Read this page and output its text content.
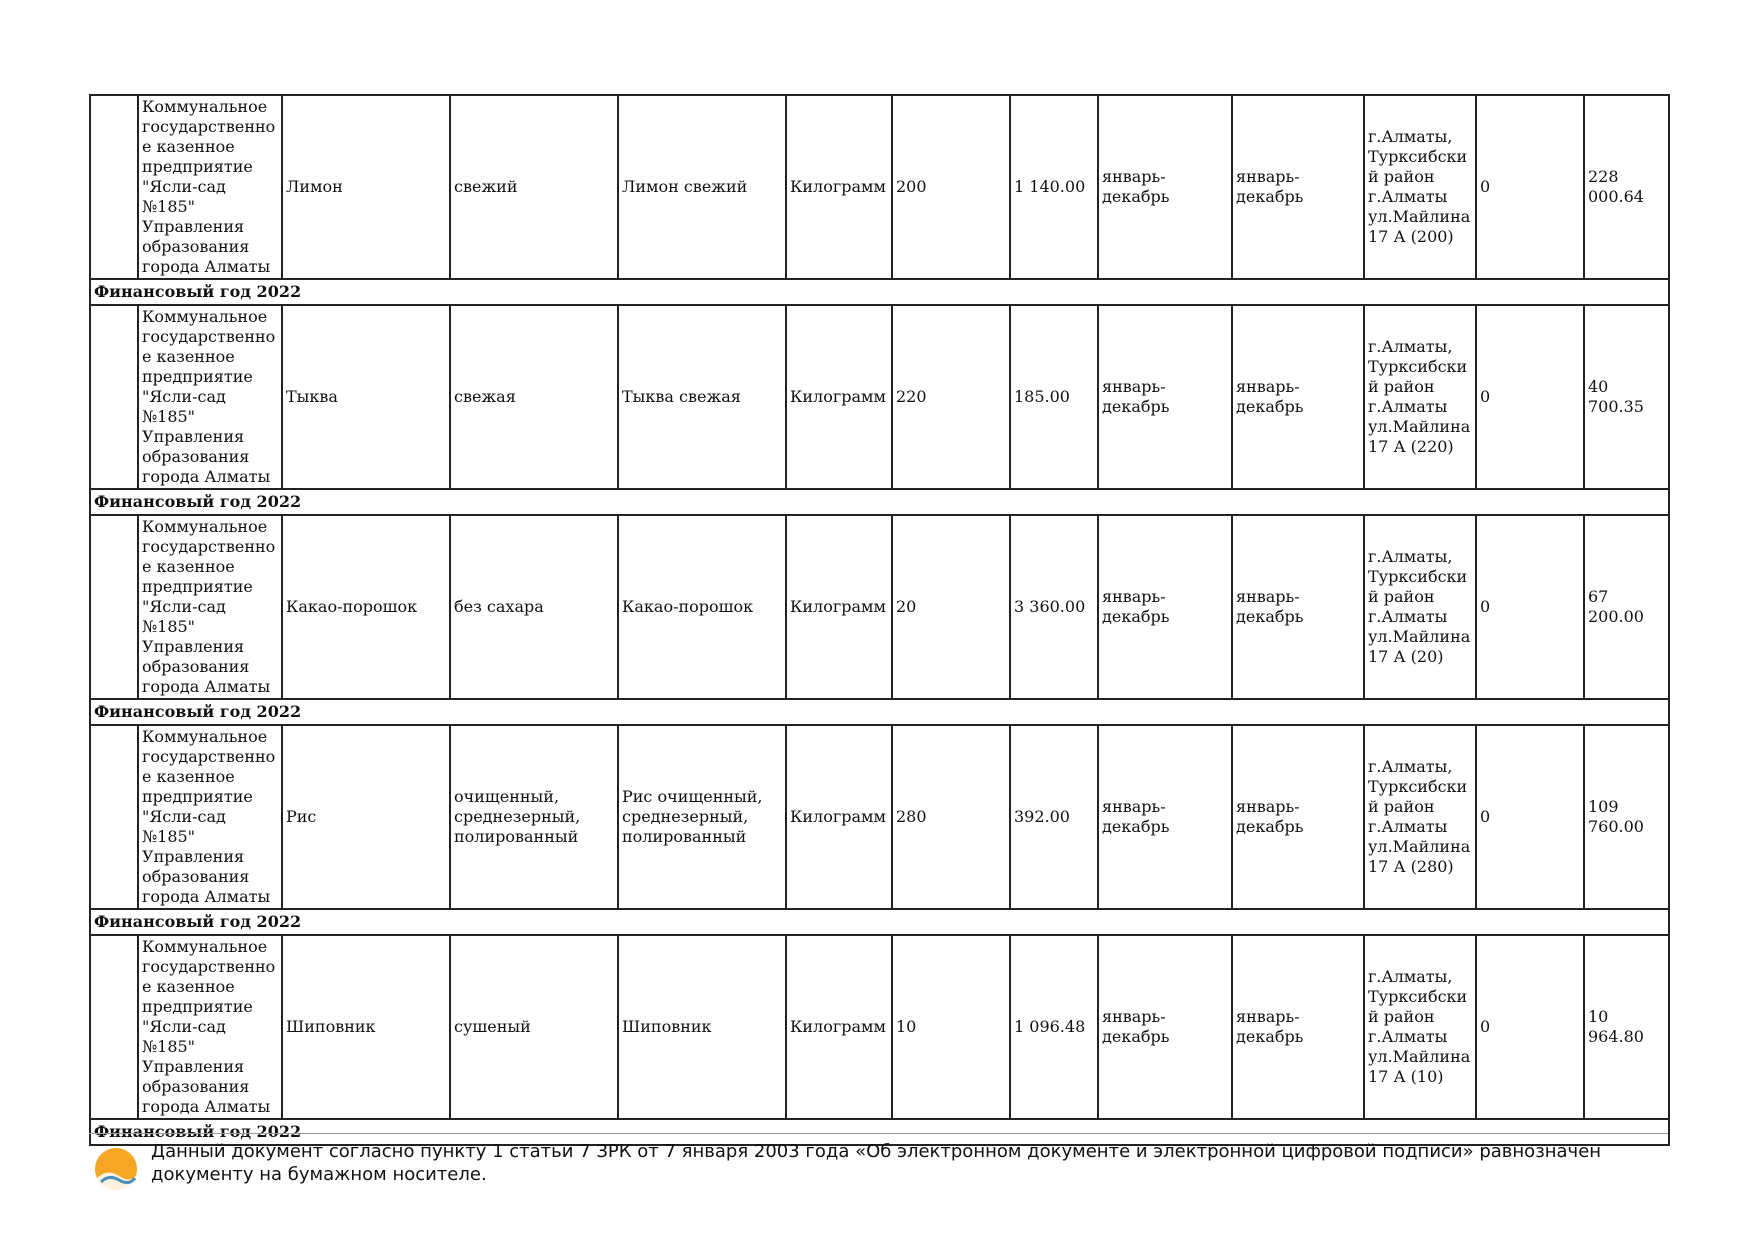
	Коммунальное государственное казенное предприятие "Ясли-сад №185" Управления образования города Алматы	Лимон	свежий	Лимон свежий	Килограмм	200	1 140.00	январь-декабрь	январь-декабрь	г.Алматы, Турксибский район г.Алматы ул.Майлина 17 А (200)	0	228 000.64
Финансовый год 2022												
	Коммунальное государственное казенное предприятие "Ясли-сад №185" Управления образования города Алматы	Тыква	свежая	Тыква свежая	Килограмм	220	185.00	январь-декабрь	январь-декабрь	г.Алматы, Турксибский район г.Алматы ул.Майлина 17 А (220)	0	40 700.35
Финансовый год 2022												
	Коммунальное государственное казенное предприятие "Ясли-сад №185" Управления образования города Алматы	Какао-порошок	без сахара	Какао-порошок	Килограмм	20	3 360.00	январь-декабрь	январь-декабрь	г.Алматы, Турксибский район г.Алматы ул.Майлина 17 А (20)	0	67 200.00
Финансовый год 2022												
	Коммунальное государственное казенное предприятие "Ясли-сад №185" Управления образования города Алматы	Рис	очищенный, среднезерный, полированный	Рис очищенный, среднезерный, полированный	Килограмм	280	392.00	январь-декабрь	январь-декабрь	г.Алматы, Турксибский район г.Алматы ул.Майлина 17 А (280)	0	109 760.00
Финансовый год 2022												
	Коммунальное государственное казенное предприятие "Ясли-сад №185" Управления образования города Алматы	Шиповник	сушеный	Шиповник	Килограмм	10	1 096.48	январь-декабрь	январь-декабрь	г.Алматы, Турксибский район г.Алматы ул.Майлина 17 А (10)	0	10 964.80
Финансовый год 2022												
Данный документ согласно пункту 1 статьи 7 ЗРК от 7 января 2003 года «Об электронном документе и электронной цифровой подписи» равнозначен документу на бумажном носителе.
